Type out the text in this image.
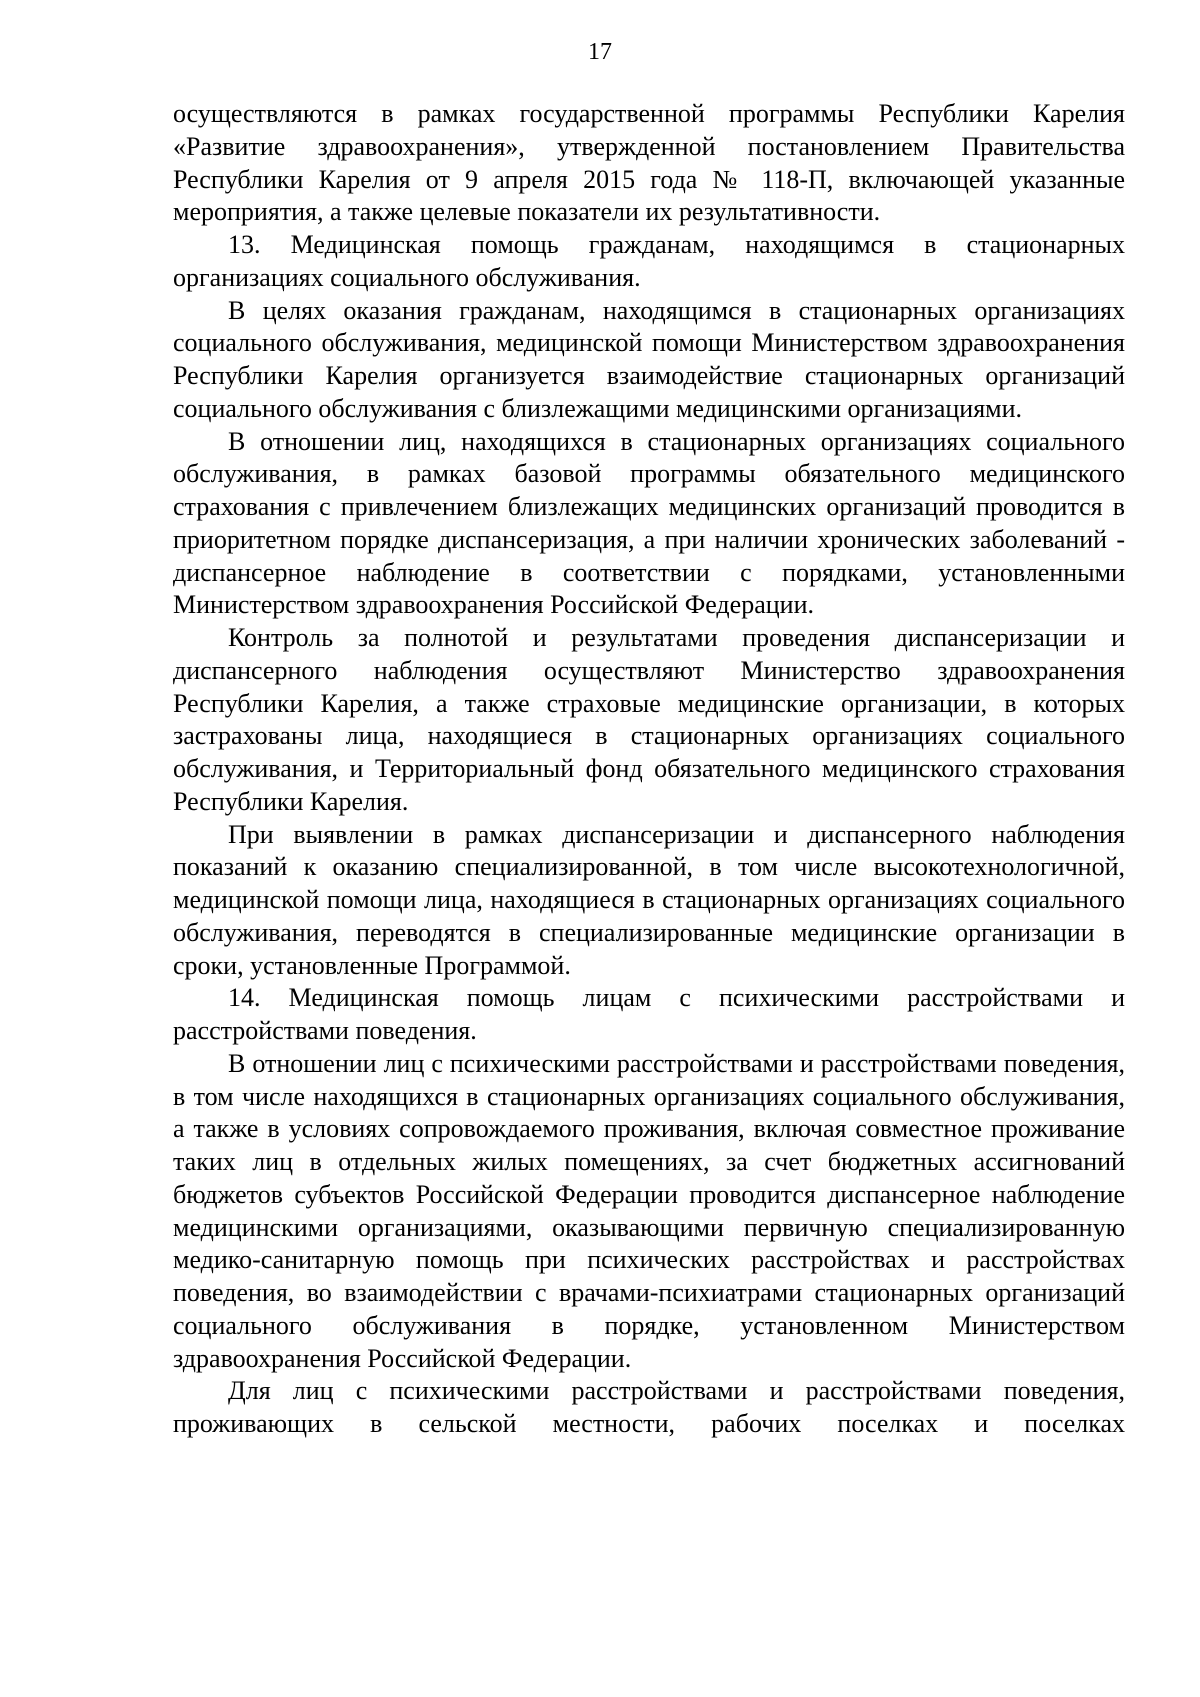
17

осуществляются в рамках государственной программы Республики Карелия «Развитие здравоохранения», утвержденной постановлением Правительства Республики Карелия от 9 апреля 2015 года № 118-П, включающей указанные мероприятия, а также целевые показатели их результативности.

13. Медицинская помощь гражданам, находящимся в стационарных организациях социального обслуживания.

В целях оказания гражданам, находящимся в стационарных организациях социального обслуживания, медицинской помощи Министерством здравоохранения Республики Карелия организуется взаимодействие стационарных организаций социального обслуживания с близлежащими медицинскими организациями.

В отношении лиц, находящихся в стационарных организациях социального обслуживания, в рамках базовой программы обязательного медицинского страхования с привлечением близлежащих медицинских организаций проводится в приоритетном порядке диспансеризация, а при наличии хронических заболеваний - диспансерное наблюдение в соответствии с порядками, установленными Министерством здравоохранения Российской Федерации.

Контроль за полнотой и результатами проведения диспансеризации и диспансерного наблюдения осуществляют Министерство здравоохранения Республики Карелия, а также страховые медицинские организации, в которых застрахованы лица, находящиеся в стационарных организациях социального обслуживания, и Территориальный фонд обязательного медицинского страхования Республики Карелия.

При выявлении в рамках диспансеризации и диспансерного наблюдения показаний к оказанию специализированной, в том числе высокотехнологичной, медицинской помощи лица, находящиеся в стационарных организациях социального обслуживания, переводятся в специализированные медицинские организации в сроки, установленные Программой.

14. Медицинская помощь лицам с психическими расстройствами и расстройствами поведения.

В отношении лиц с психическими расстройствами и расстройствами поведения, в том числе находящихся в стационарных организациях социального обслуживания, а также в условиях сопровождаемого проживания, включая совместное проживание таких лиц в отдельных жилых помещениях, за счет бюджетных ассигнований бюджетов субъектов Российской Федерации проводится диспансерное наблюдение медицинскими организациями, оказывающими первичную специализированную медико-санитарную помощь при психических расстройствах и расстройствах поведения, во взаимодействии с врачами-психиатрами стационарных организаций социального обслуживания в порядке, установленном Министерством здравоохранения Российской Федерации.

Для лиц с психическими расстройствами и расстройствами поведения, проживающих в сельской местности, рабочих поселках и поселках
